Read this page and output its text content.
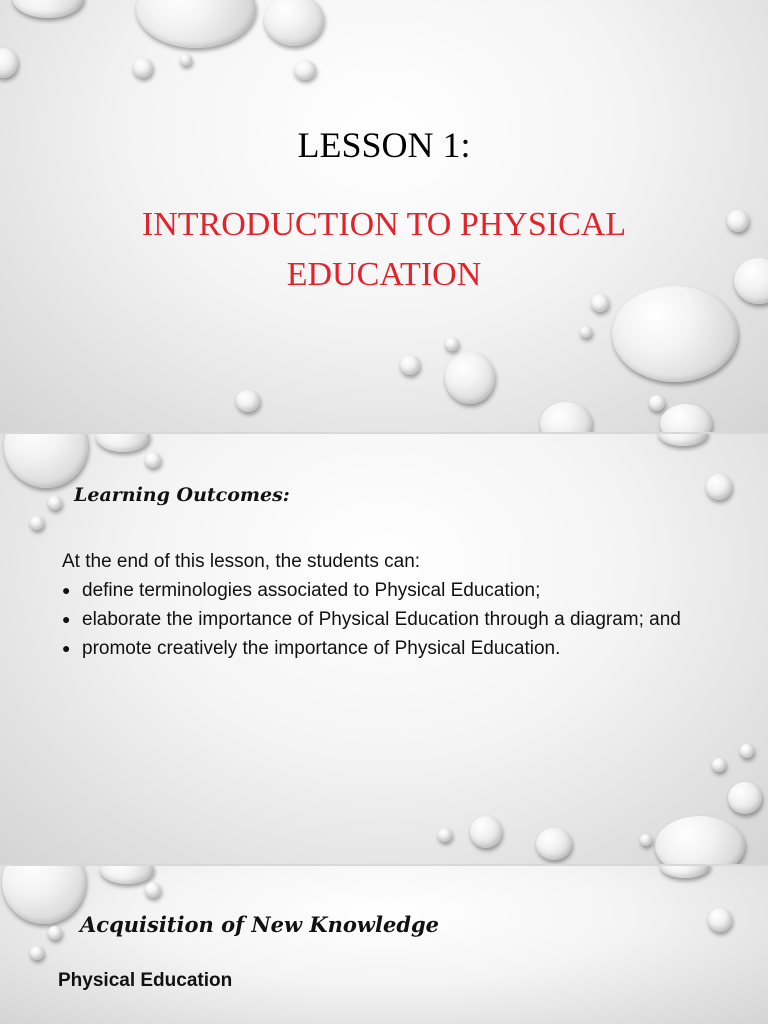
LESSON 1:
INTRODUCTION TO PHYSICAL
EDUCATION
Learning Outcomes:

At the end of this lesson, the students can:

● define terminologies associated to Physical Education;
● elaborate the importance of Physical Education through a diagram; and
● promote creatively the importance of Physical Education.
Acquisition of New Knowledge

Physical Education
